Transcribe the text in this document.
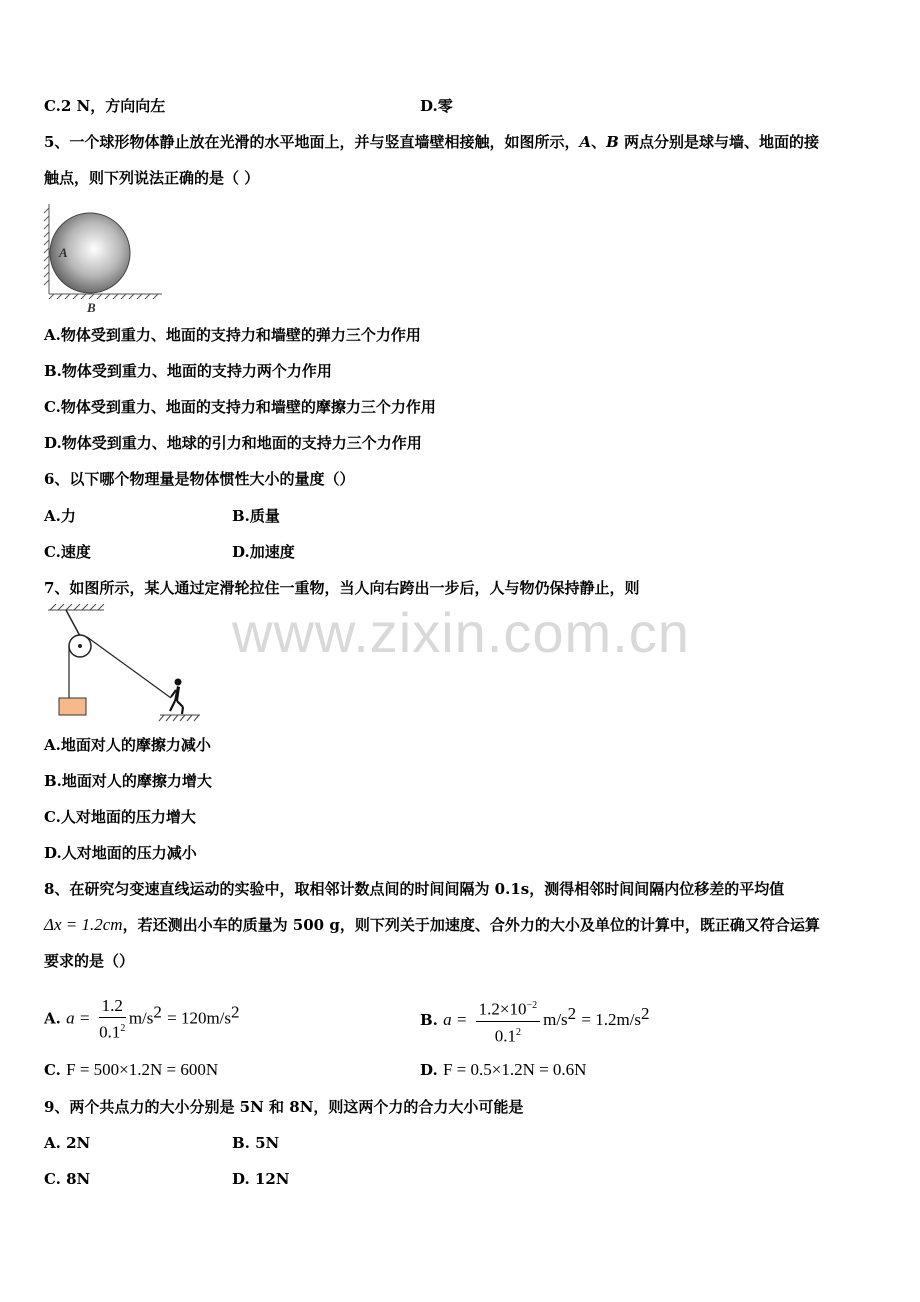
C.2 N，方向向左	D.零
5、一个球形物体静止放在光滑的水平地面上，并与竖直墙壁相接触，如图所示，A、B 两点分别是球与墙、地面的接
触点，则下列说法正确的是（ ）
A
B
A.物体受到重力、地面的支持力和墙壁的弹力三个力作用
B.物体受到重力、地面的支持力两个力作用
C.物体受到重力、地面的支持力和墙壁的摩擦力三个力作用
D.物体受到重力、地球的引力和地面的支持力三个力作用
6、以下哪个物理量是物体惯性大小的量度（）
A.力	B.质量
C.速度	D.加速度
7、如图所示，某人通过定滑轮拉住一重物，当人向右跨出一步后，人与物仍保持静止，则
www.zixin.com.cn
A.地面对人的摩擦力减小
B.地面对人的摩擦力增大
C.人对地面的压力增大
D.人对地面的压力减小
8、在研究匀变速直线运动的实验中，取相邻计数点间的时间间隔为 0.1s，测得相邻时间间隔内位移差的平均值
Δx = 1.2cm，若还测出小车的质量为 500 g，则下列关于加速度、合外力的大小及单位的计算中，既正确又符合运算
要求的是（）
A. $a = \frac{1.2}{0.1^2} m/s^2 = 120m/s^2$	B. $a = \frac{1.2\times 10^{-2}}{0.1^2} m/s^2 = 1.2m/s^2$
C. F = 500×1.2N = 600N	D. F = 0.5×1.2N = 0.6N
9、两个共点力的大小分别是 5N 和 8N，则这两个力的合力大小可能是
A. 2N	B. 5N
C. 8N	D. 12N
